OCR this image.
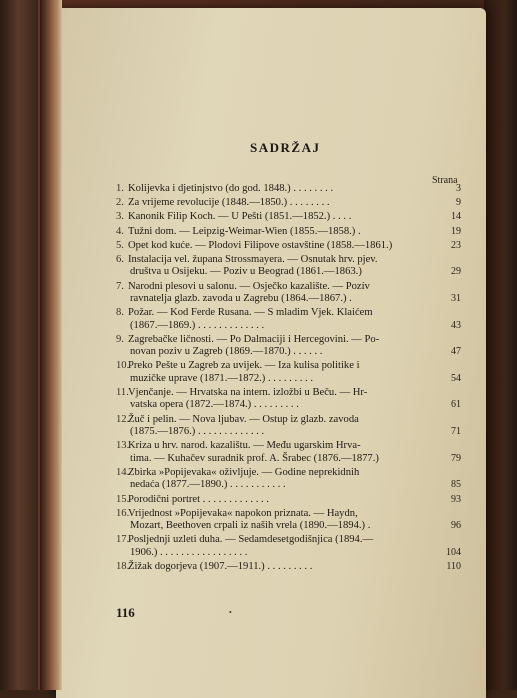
SADRŽAJ
Strana
1. Kolijevka i djetinjstvo (do god. 1848.) . . . . . . . .	3
2. Za vrijeme revolucije (1848.—1850.) . . . . . . . .	9
3. Kanonik Filip Koch. — U Pešti (1851.—1852.) . . . .	14
4. Tužni dom. — Leipzig-Weimar-Wien (1855.—1858.) .	19
5. Opet kod kuće. — Plodovi Filipove ostavštine (1858.—1861.)	23
6. Instalacija vel. župana Strossmayera. — Osnutak hrv. pjev.
društva u Osijeku. — Poziv u Beograd (1861.—1863.)	29
7. Narodni plesovi u salonu. — Osječko kazalište. — Pozív
ravnatelja glazb. zavoda u Zagrebu (1864.—1867.) .	31
8. Požar. — Kod Ferde Rusana. — S mladim Vjek. Klaićem
(1867.—1869.) . . . . . . . . . . . . .	43
9. Zagrebačke ličnosti. — Po Dalmaciji i Hercegovini. — Po-
novan poziv u Zagreb (1869.—1870.) . . . . . .	47
10.Preko Pešte u Zagreb za uvijek. — Iza kulisa politike i
muzičke uprave (1871.—1872.) . . . . . . . . .	54
11.Vjenčanje. — Hrvatska na intern. izložbi u Beču. — Hr-
vatska opera (1872.—1874.) . . . . . . . . .	61
12.Žuč i pelin. — Nova ljubav. — Ostup iz glazb. zavoda
(1875.—1876.) . . . . . . . . . . . . .	71
13.Kriza u hrv. narod. kazalištu. — Među ugarskim Hrva-
tima. — Kuhačev suradnik prof. A. Šrabec (1876.—1877.)	79
14.Zbirka »Popijevaka« oživljuje. — Godine neprekidnih
nedaća (1877.—1890.) . . . . . . . . . . .	85
15.Porodični portret . . . . . . . . . . . . .	93
16.Vrijednost »Popijevaka« napokon priznata. — Haydn,
Mozart, Beethoven crpali iz naših vrela (1890.—1894.) .	96
17.Posljednji uzleti duha. — Sedamdesetgodišnjica (1894.—
1906.) . . . . . . . . . . . . . . . . .	104
18.Žižak dogorjeva (1907.—1911.) . . . . . . . . .	110
116	•
